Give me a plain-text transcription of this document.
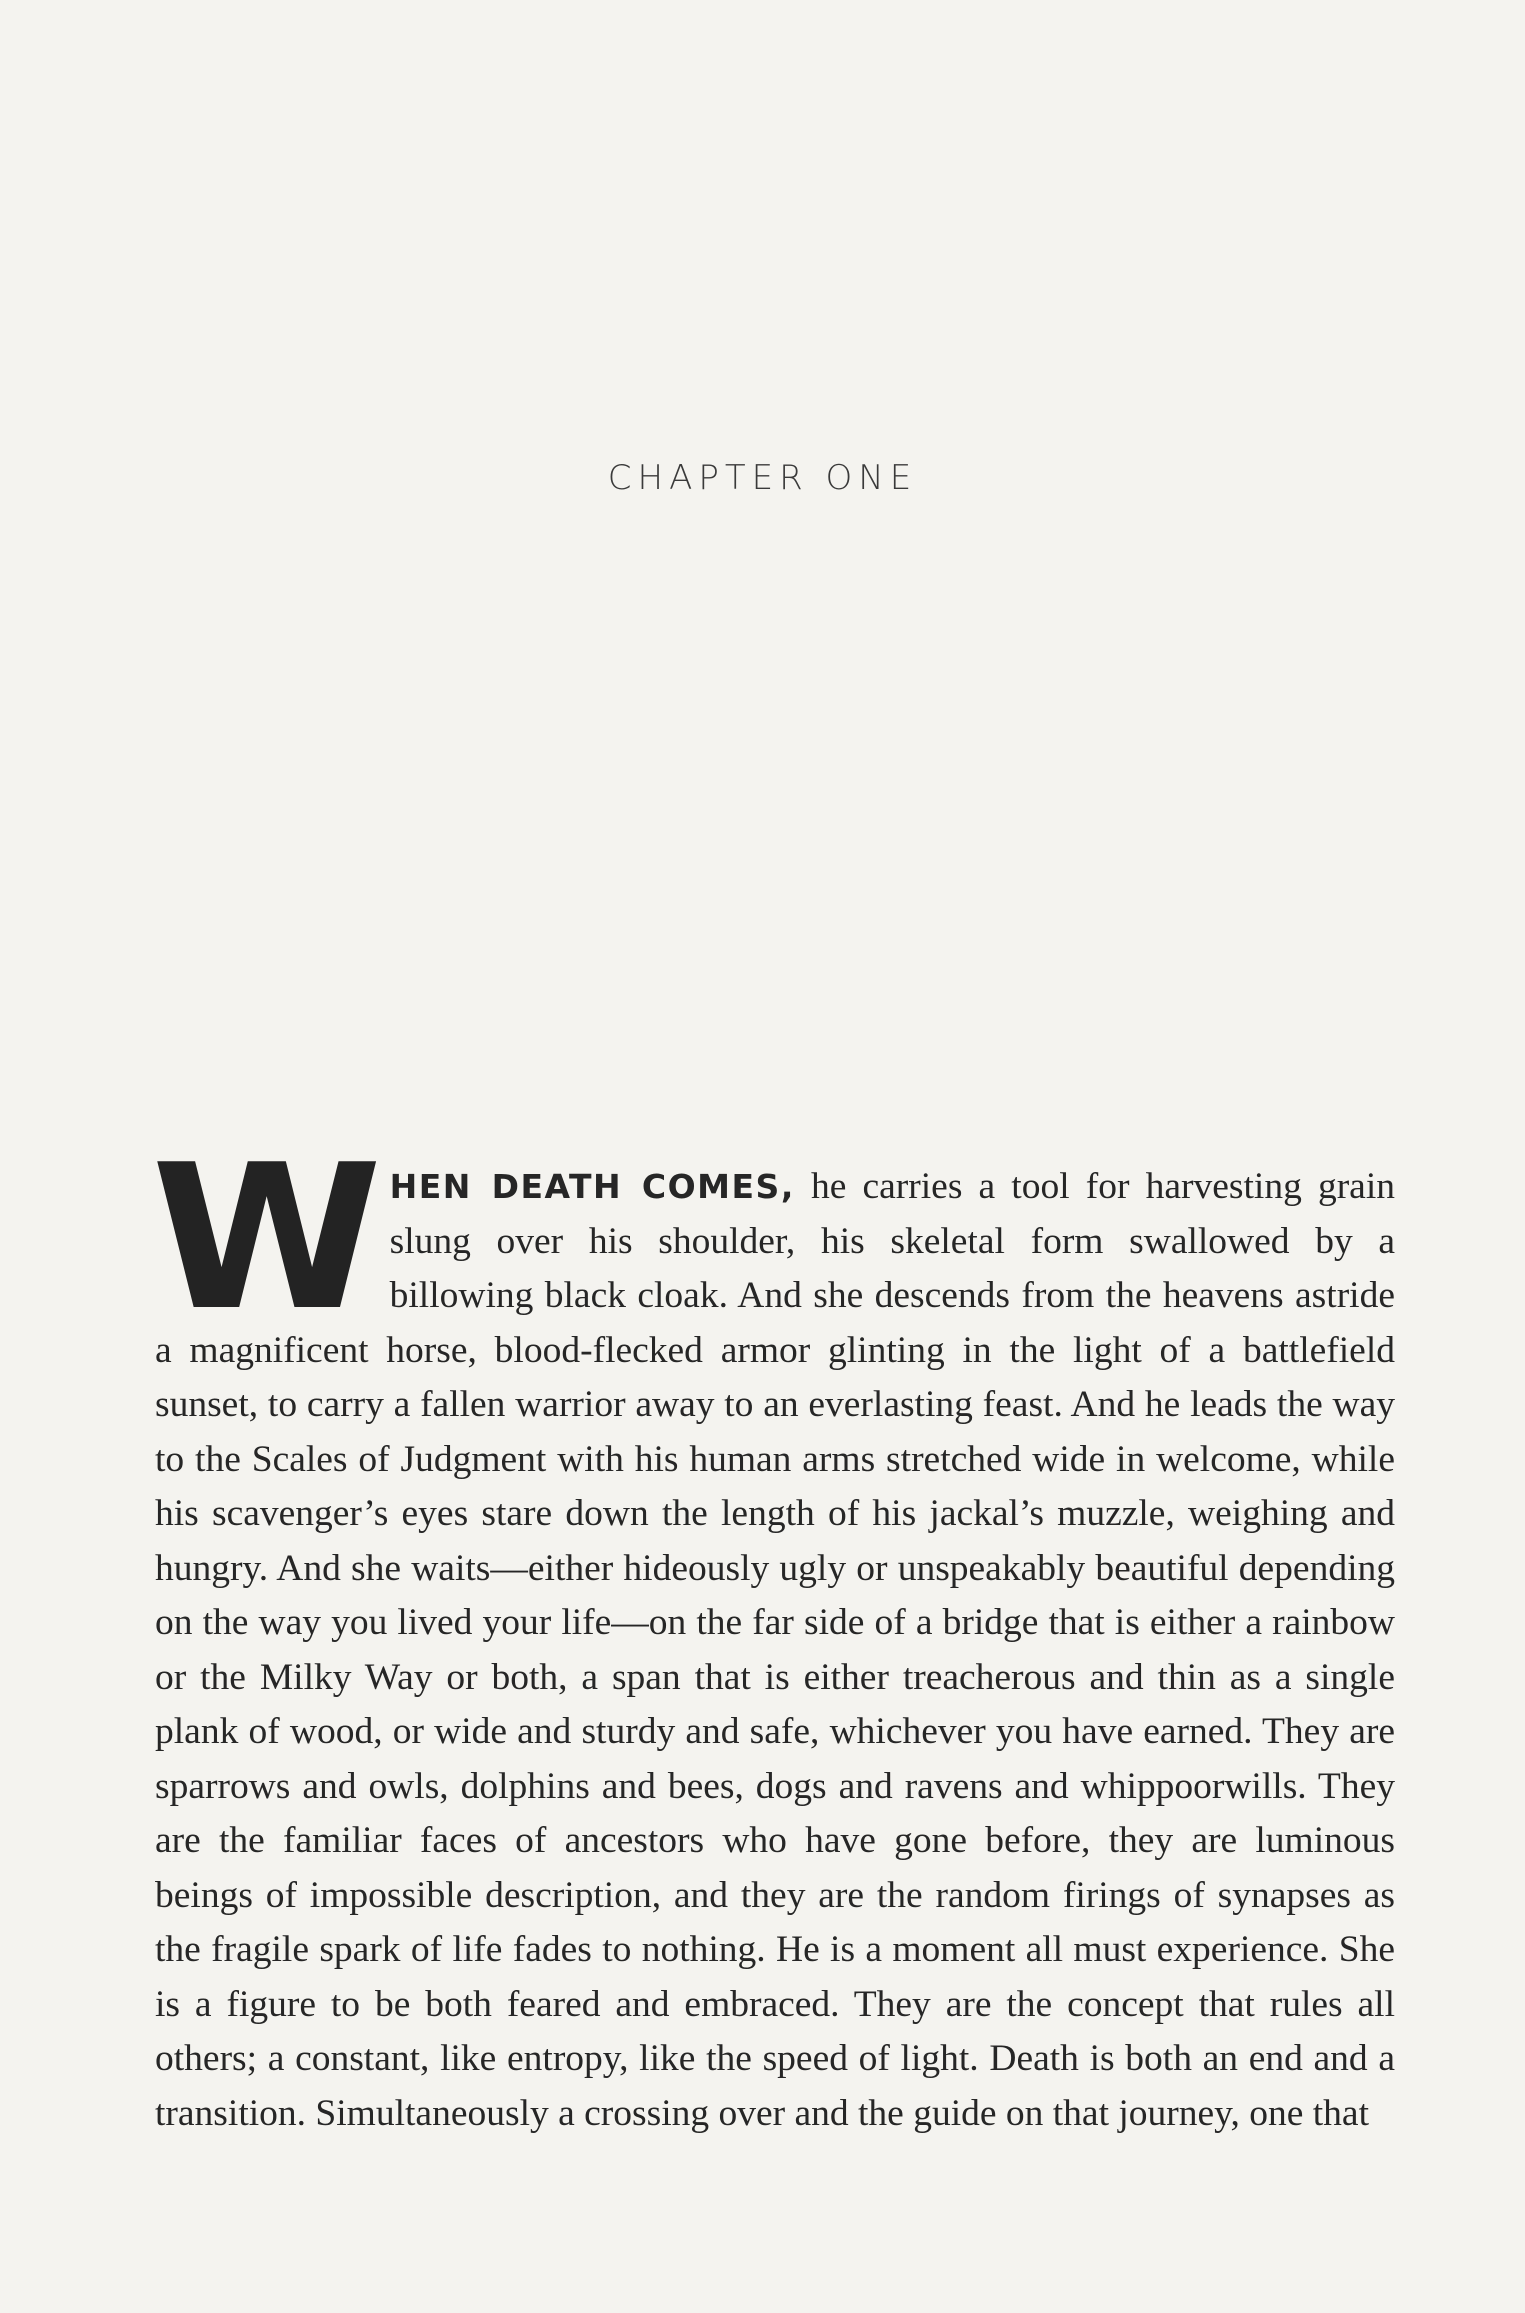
CHAPTER ONE
WHEN DEATH COMES, he carries a tool for harvesting grain slung over his shoulder, his skeletal form swallowed by a billowing black cloak. And she descends from the heavens astride a magnificent horse, blood-flecked armor glinting in the light of a battlefield sunset, to carry a fallen warrior away to an everlasting feast. And he leads the way to the Scales of Judgment with his human arms stretched wide in welcome, while his scavenger’s eyes stare down the length of his jackal’s muzzle, weighing and hungry. And she waits—either hideously ugly or unspeakably beautiful depending on the way you lived your life—on the far side of a bridge that is either a rainbow or the Milky Way or both, a span that is either treacherous and thin as a single plank of wood, or wide and sturdy and safe, whichever you have earned. They are sparrows and owls, dolphins and bees, dogs and ravens and whippoorwills. They are the familiar faces of ancestors who have gone before, they are luminous beings of impossible description, and they are the random firings of synapses as the fragile spark of life fades to nothing. He is a moment all must experience. She is a figure to be both feared and embraced. They are the concept that rules all others; a constant, like entropy, like the speed of light. Death is both an end and a transition. Simultaneously a crossing over and the guide on that journey, one that
